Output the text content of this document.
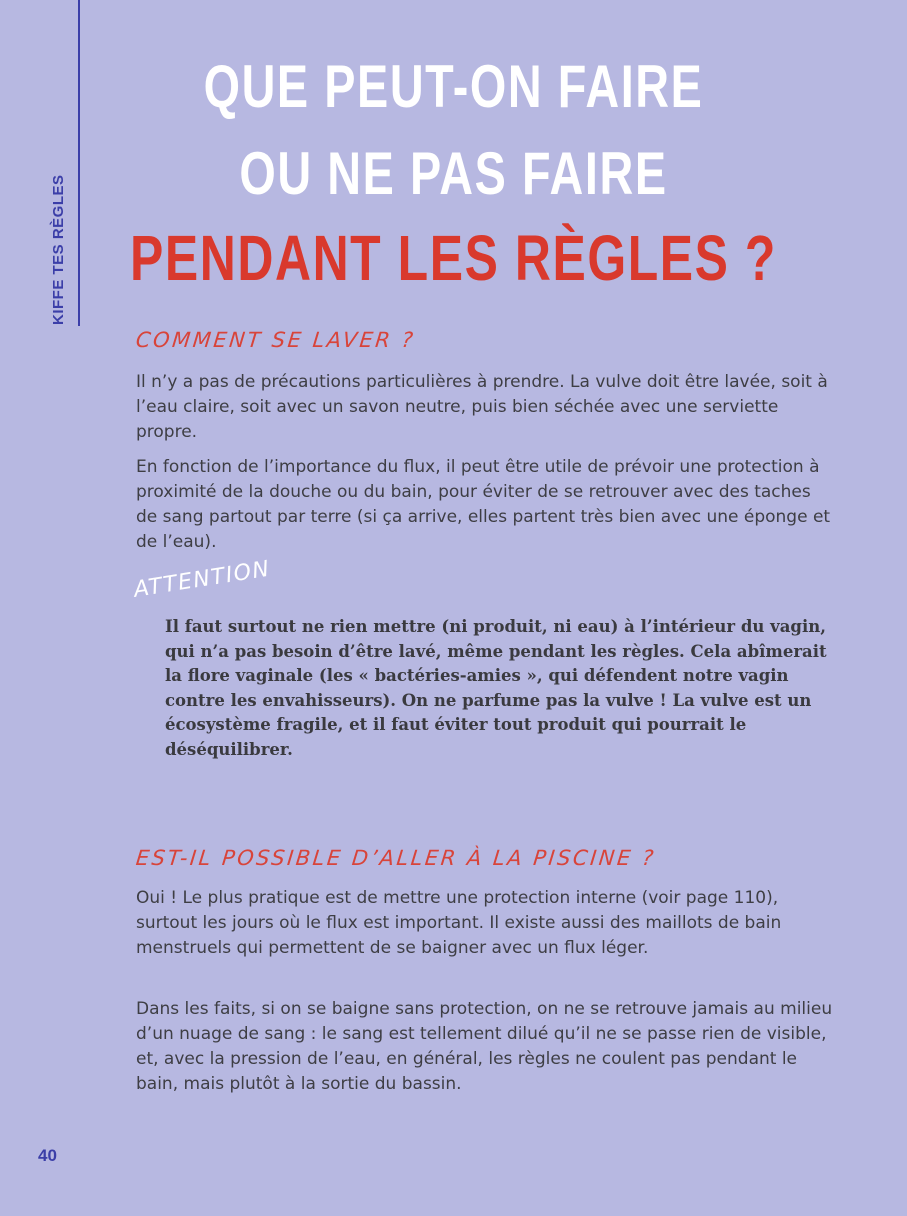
KIFFE TES RÈGLES
QUE PEUT-ON FAIRE
OU NE PAS FAIRE
PENDANT LES RÈGLES ?
COMMENT SE LAVER ?

Il n’y a pas de précautions particulières à prendre. La vulve doit être lavée, soit à l’eau claire, soit avec un savon neutre, puis bien séchée avec une serviette propre.

En fonction de l’importance du flux, il peut être utile de prévoir une protection à proximité de la douche ou du bain, pour éviter de se retrouver avec des taches de sang partout par terre (si ça arrive, elles partent très bien avec une éponge et de l’eau).

ATTENTION

Il faut surtout ne rien mettre (ni produit, ni eau) à l’intérieur du vagin, qui n’a pas besoin d’être lavé, même pendant les règles. Cela abîmerait la flore vaginale (les « bactéries-amies », qui défendent notre vagin contre les envahisseurs). On ne parfume pas la vulve ! La vulve est un écosystème fragile, et il faut éviter tout produit qui pourrait le déséquilibrer.

EST-IL POSSIBLE D’ALLER À LA PISCINE ?

Oui ! Le plus pratique est de mettre une protection interne (voir page 110), surtout les jours où le flux est important. Il existe aussi des maillots de bain menstruels qui permettent de se baigner avec un flux léger.

Dans les faits, si on se baigne sans protection, on ne se retrouve jamais au milieu d’un nuage de sang : le sang est tellement dilué qu’il ne se passe rien de visible, et, avec la pression de l’eau, en général, les règles ne coulent pas pendant le bain, mais plutôt à la sortie du bassin.

40
